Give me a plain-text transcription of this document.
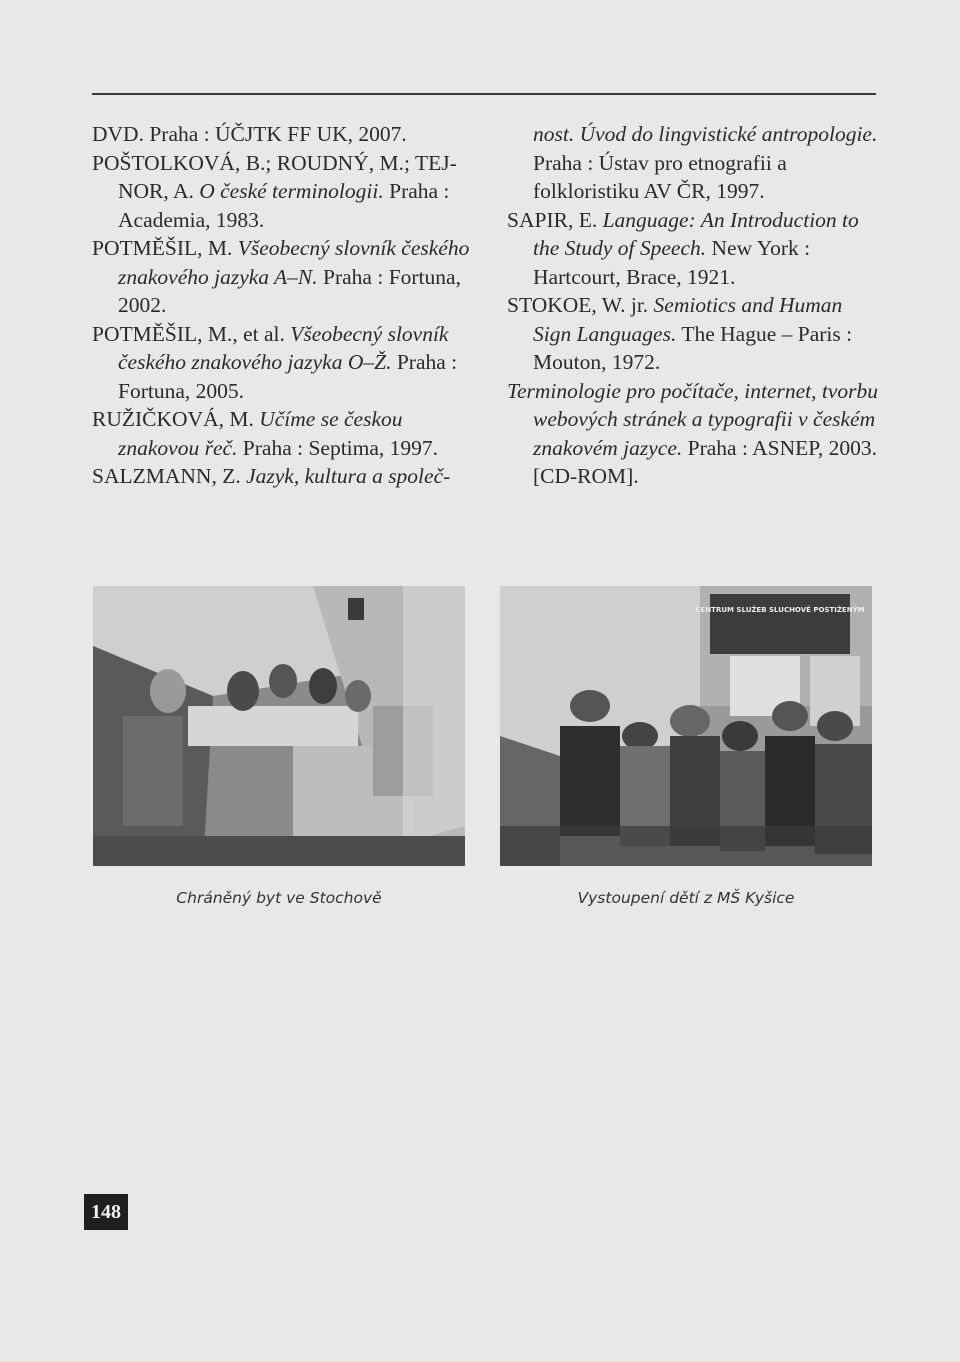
DVD. Praha : ÚČJTK FF UK, 2007.

POŠTOLKOVÁ, B.; ROUDNÝ, M.; TEJ-NOR, A. O české terminologii. Praha : Academia, 1983.

POTMĚŠIL, M. Všeobecný slovník českého znakového jazyka A–N. Praha : Fortuna, 2002.

POTMĚŠIL, M., et al. Všeobecný slovník českého znakového jazyka O–Ž. Praha : Fortuna, 2005.

RUŽIČKOVÁ, M. Učíme se českou znakovou řeč. Praha : Septima, 1997.

SALZMANN, Z. Jazyk, kultura a společ-

nost. Úvod do lingvistické antropologie. Praha : Ústav pro etnografii a folkloristiku AV ČR, 1997.

SAPIR, E. Language: An Introduction to the Study of Speech. New York : Hartcourt, Brace, 1921.

STOKOE, W. jr. Semiotics and Human Sign Languages. The Hague – Paris : Mouton, 1972.

Terminologie pro počítače, internet, tvorbu webových stránek a typografii v českém znakovém jazyce. Praha : ASNEP, 2003. [CD-ROM].

Chráněný byt ve Stochově
CENTRUM SLUŽEB SLUCHOVĚ POSTIŽENÝM
Vystoupení dětí z MŠ Kyšice
148
